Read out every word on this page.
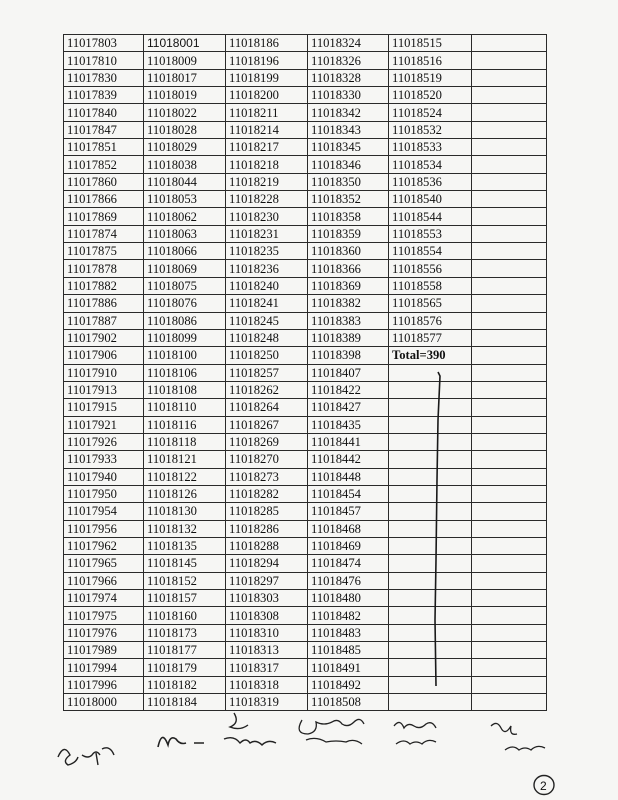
11017803	11018001	11018186	11018324	11018515	
11017810	11018009	11018196	11018326	11018516	
11017830	11018017	11018199	11018328	11018519	
11017839	11018019	11018200	11018330	11018520	
11017840	11018022	11018211	11018342	11018524	
11017847	11018028	11018214	11018343	11018532	
11017851	11018029	11018217	11018345	11018533	
11017852	11018038	11018218	11018346	11018534	
11017860	11018044	11018219	11018350	11018536	
11017866	11018053	11018228	11018352	11018540	
11017869	11018062	11018230	11018358	11018544	
11017874	11018063	11018231	11018359	11018553	
11017875	11018066	11018235	11018360	11018554	
11017878	11018069	11018236	11018366	11018556	
11017882	11018075	11018240	11018369	11018558	
11017886	11018076	11018241	11018382	11018565	
11017887	11018086	11018245	11018383	11018576	
11017902	11018099	11018248	11018389	11018577	
11017906	11018100	11018250	11018398	Total=390	
11017910	11018106	11018257	11018407		
11017913	11018108	11018262	11018422		
11017915	11018110	11018264	11018427		
11017921	11018116	11018267	11018435		
11017926	11018118	11018269	11018441		
11017933	11018121	11018270	11018442		
11017940	11018122	11018273	11018448		
11017950	11018126	11018282	11018454		
11017954	11018130	11018285	11018457		
11017956	11018132	11018286	11018468		
11017962	11018135	11018288	11018469		
11017965	11018145	11018294	11018474		
11017966	11018152	11018297	11018476		
11017974	11018157	11018303	11018480		
11017975	11018160	11018308	11018482		
11017976	11018173	11018310	11018483		
11017989	11018177	11018313	11018485		
11017994	11018179	11018317	11018491		
11017996	11018182	11018318	11018492		
11018000	11018184	11018319	11018508		
2
